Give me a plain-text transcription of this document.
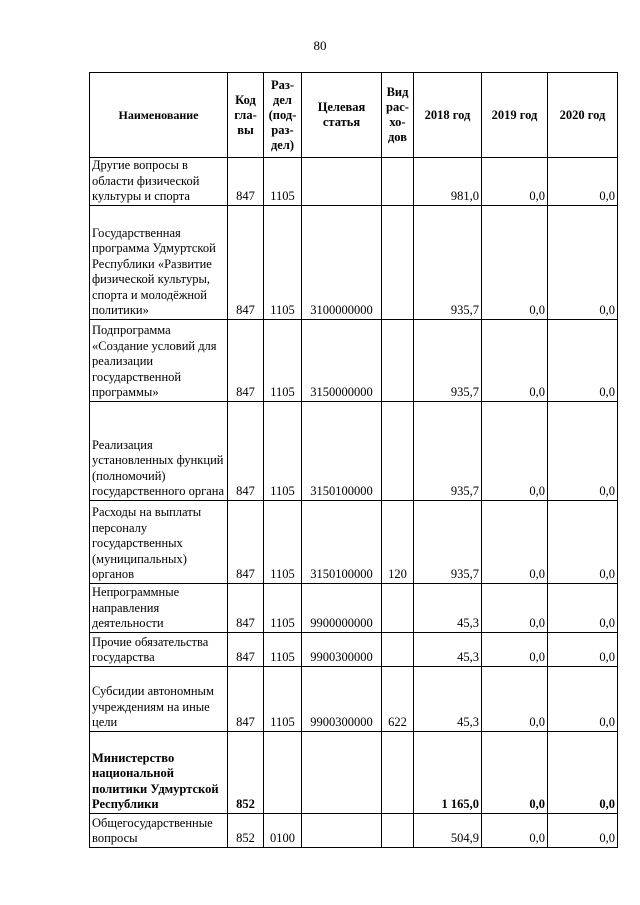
80
Наименование	Код
гла-
вы	Раз-
дел
(под-
раз-
дел)	Целевая
статья	Вид
рас-
хо-
дов	2018 год	2019 год	2020 год
Другие вопросы в области физической культуры и спорта	847	1105			981,0	0,0	0,0
Государственная программа Удмуртской Республики «Развитие физической культуры, спорта и молодёжной политики»	847	1105	3100000000		935,7	0,0	0,0
Подпрограмма «Создание условий для реализации государственной программы»	847	1105	3150000000		935,7	0,0	0,0
Реализация установленных функций (полномочий) государственного органа	847	1105	3150100000		935,7	0,0	0,0
Расходы на выплаты персоналу государственных (муниципальных) органов	847	1105	3150100000	120	935,7	0,0	0,0
Непрограммные направления деятельности	847	1105	9900000000		45,3	0,0	0,0
Прочие обязательства государства	847	1105	9900300000		45,3	0,0	0,0
Субсидии автономным учреждениям на иные цели	847	1105	9900300000	622	45,3	0,0	0,0
Министерство национальной политики Удмуртской Республики	852				1 165,0	0,0	0,0
Общегосударственные вопросы	852	0100			504,9	0,0	0,0
